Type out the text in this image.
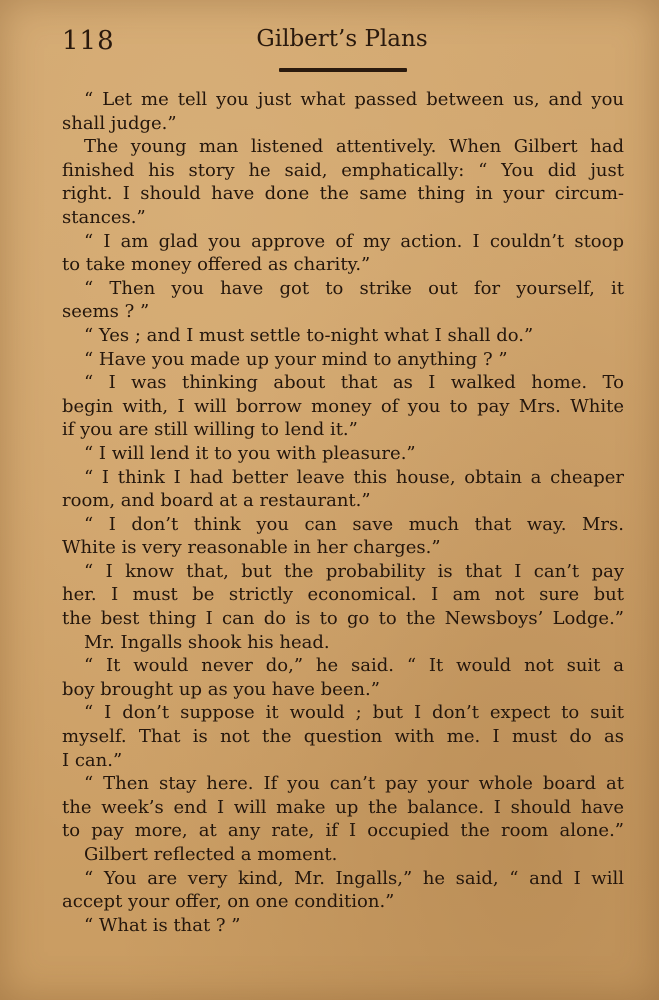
118	Gilbert’s Plans
“ Let me tell you just what passed between us, and you
shall judge.”
The young man listened attentively. When Gilbert had
finished his story he said, emphatically: “ You did just
right. I should have done the same thing in your circum-
stances.”
“ I am glad you approve of my action. I couldn’t stoop
to take money offered as charity.”
“ Then you have got to strike out for yourself, it
seems ? ”
“ Yes ; and I must settle to-night what I shall do.”
“ Have you made up your mind to anything ? ”
“ I was thinking about that as I walked home. To
begin with, I will borrow money of you to pay Mrs. White
if you are still willing to lend it.”
“ I will lend it to you with pleasure.”
“ I think I had better leave this house, obtain a cheaper
room, and board at a restaurant.”
“ I don’t think you can save much that way. Mrs.
White is very reasonable in her charges.”
“ I know that, but the probability is that I can’t pay
her. I must be strictly economical. I am not sure but
the best thing I can do is to go to the Newsboys’ Lodge.”
Mr. Ingalls shook his head.
“ It would never do,” he said. “ It would not suit a
boy brought up as you have been.”
“ I don’t suppose it would ; but I don’t expect to suit
myself. That is not the question with me. I must do as
I can.”
“ Then stay here. If you can’t pay your whole board at
the week’s end I will make up the balance. I should have
to pay more, at any rate, if I occupied the room alone.”
Gilbert reflected a moment.
“ You are very kind, Mr. Ingalls,” he said, “ and I will
accept your offer, on one condition.”
“ What is that ? ”
